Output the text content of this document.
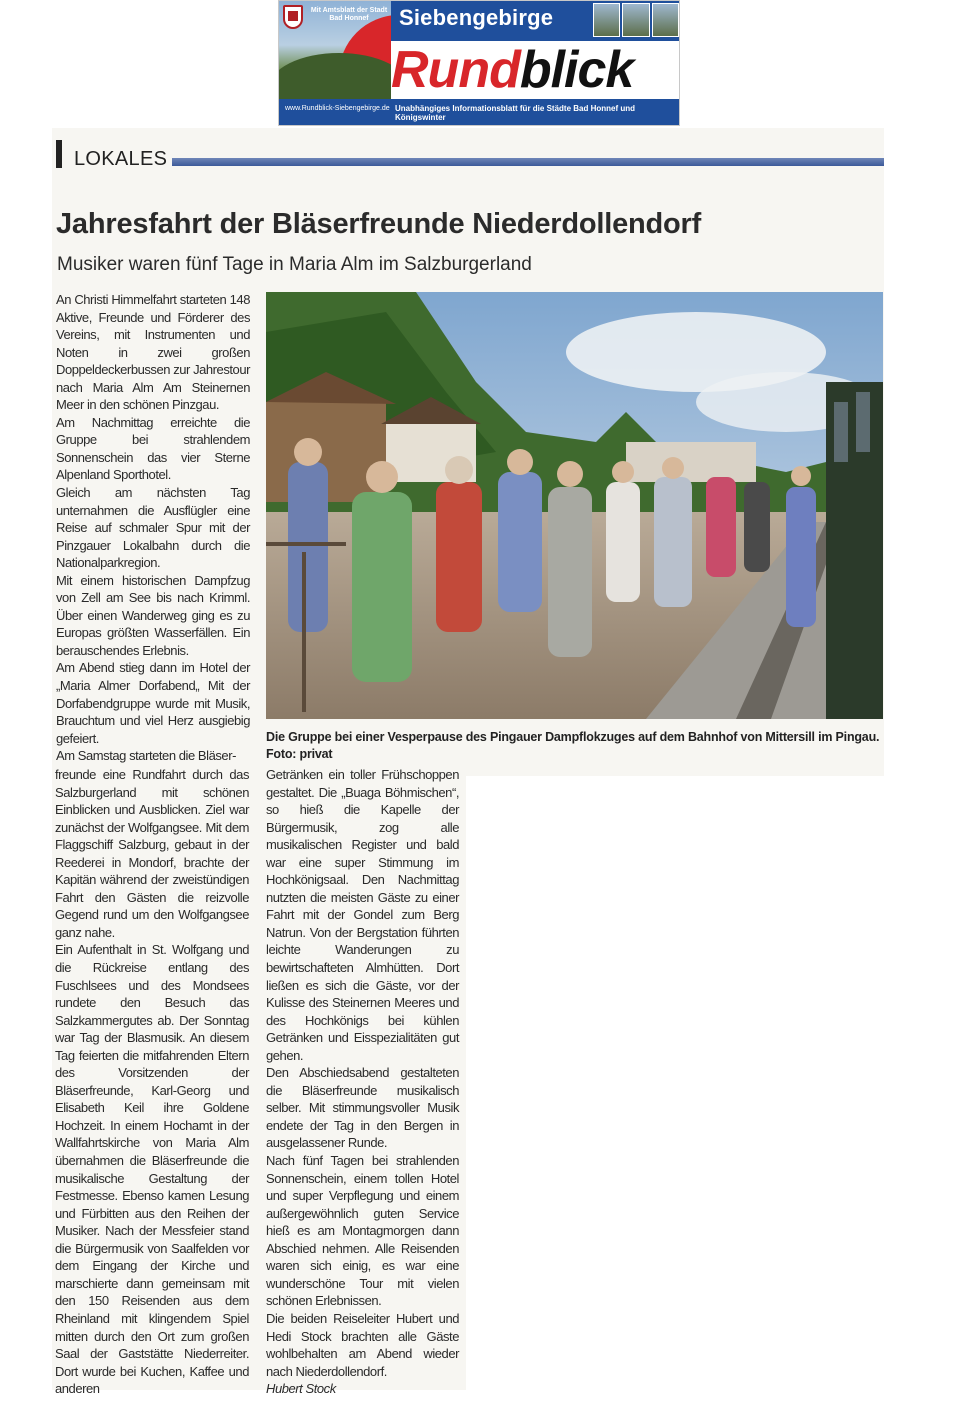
Mit Amtsblatt der Stadt Bad Honnef	Siebengebirge
Rundblick
www.Rundblick-Siebengebirge.de Unabhängiges Informationsblatt für die Städte Bad Honnef und Königswinter
LOKALES
Jahresfahrt der Bläserfreunde Niederdollendorf
Musiker waren fünf Tage in Maria Alm im Salzburgerland
An Christi Himmelfahrt starteten 148 Aktive, Freunde und Förderer des Vereins, mit Instrumenten und Noten in zwei großen Doppeldeckerbussen zur Jahrestour nach Maria Alm Am Steinernen Meer in den schönen Pinzgau.
Am Nachmittag erreichte die Gruppe bei strahlendem Sonnenschein das vier Sterne Alpenland Sporthotel.
Gleich am nächsten Tag unternahmen die Ausflügler eine Reise auf schmaler Spur mit der Pinzgauer Lokalbahn durch die Nationalparkregion.
Mit einem historischen Dampfzug von Zell am See bis nach Krimml. Über einen Wanderweg ging es zu Europas größten Wasserfällen. Ein berauschendes Erlebnis.
Am Abend stieg dann im Hotel der „Maria Almer Dorfabend„ Mit der Dorfabendgruppe wurde mit Musik, Brauchtum und viel Herz ausgiebig gefeiert.
Am Samstag starteten die Bläser-
Die Gruppe bei einer Vesperpause des Pingauer Dampflokzuges auf dem Bahnhof von Mittersill im Pingau.
Foto: privat
freunde eine Rundfahrt durch das Salzburgerland mit schönen Einblicken und Ausblicken. Ziel war zunächst der Wolfgangsee. Mit dem Flaggschiff Salzburg, gebaut in der Reederei in Mondorf, brachte der Kapitän während der zweistündigen Fahrt den Gästen die reizvolle Gegend rund um den Wolfgangsee ganz nahe.
Ein Aufenthalt in St. Wolfgang und die Rückreise entlang des Fuschlsees und des Mondsees rundete den Besuch das Salzkammergutes ab. Der Sonntag war Tag der Blasmusik. An diesem Tag feierten die mitfahrenden Eltern des Vorsitzenden der Bläserfreunde, Karl-Georg und Elisabeth Keil ihre Goldene Hochzeit. In einem Hochamt in der Wallfahrtskirche von Maria Alm übernahmen die Bläserfreunde die musikalische Gestaltung der Festmesse. Ebenso kamen Lesung und Fürbitten aus den Reihen der Musiker. Nach der Messfeier stand die Bürgermusik von Saalfelden vor dem Eingang der Kirche und marschierte dann gemeinsam mit den 150 Reisenden aus dem Rheinland mit klingendem Spiel mitten durch den Ort zum großen Saal der Gaststätte Niederreiter. Dort wurde bei Kuchen, Kaffee und anderen
Getränken ein toller Frühschoppen gestaltet. Die „Buaga Böhmischen“, so hieß die Kapelle der Bürgermusik, zog alle musikalischen Register und bald war eine super Stimmung im Hochkönigsaal. Den Nachmittag nutzten die meisten Gäste zu einer Fahrt mit der Gondel zum Berg Natrun. Von der Bergstation führten leichte Wanderungen zu bewirtschafteten Almhütten. Dort ließen es sich die Gäste, vor der Kulisse des Steinernen Meeres und des Hochkönigs bei kühlen Getränken und Eisspezialitäten gut gehen.
Den Abschiedsabend gestalteten die Bläserfreunde musikalisch selber. Mit stimmungsvoller Musik endete der Tag in den Bergen in ausgelassener Runde.
Nach fünf Tagen bei strahlenden Sonnenschein, einem tollen Hotel und super Verpflegung und einem außergewöhnlich guten Service hieß es am Montagmorgen dann Abschied nehmen. Alle Reisenden waren sich einig, es war eine wunderschöne Tour mit vielen schönen Erlebnissen.
Die beiden Reiseleiter Hubert und Hedi Stock brachten alle Gäste wohlbehalten am Abend wieder nach Niederdollendorf.
Hubert Stock
